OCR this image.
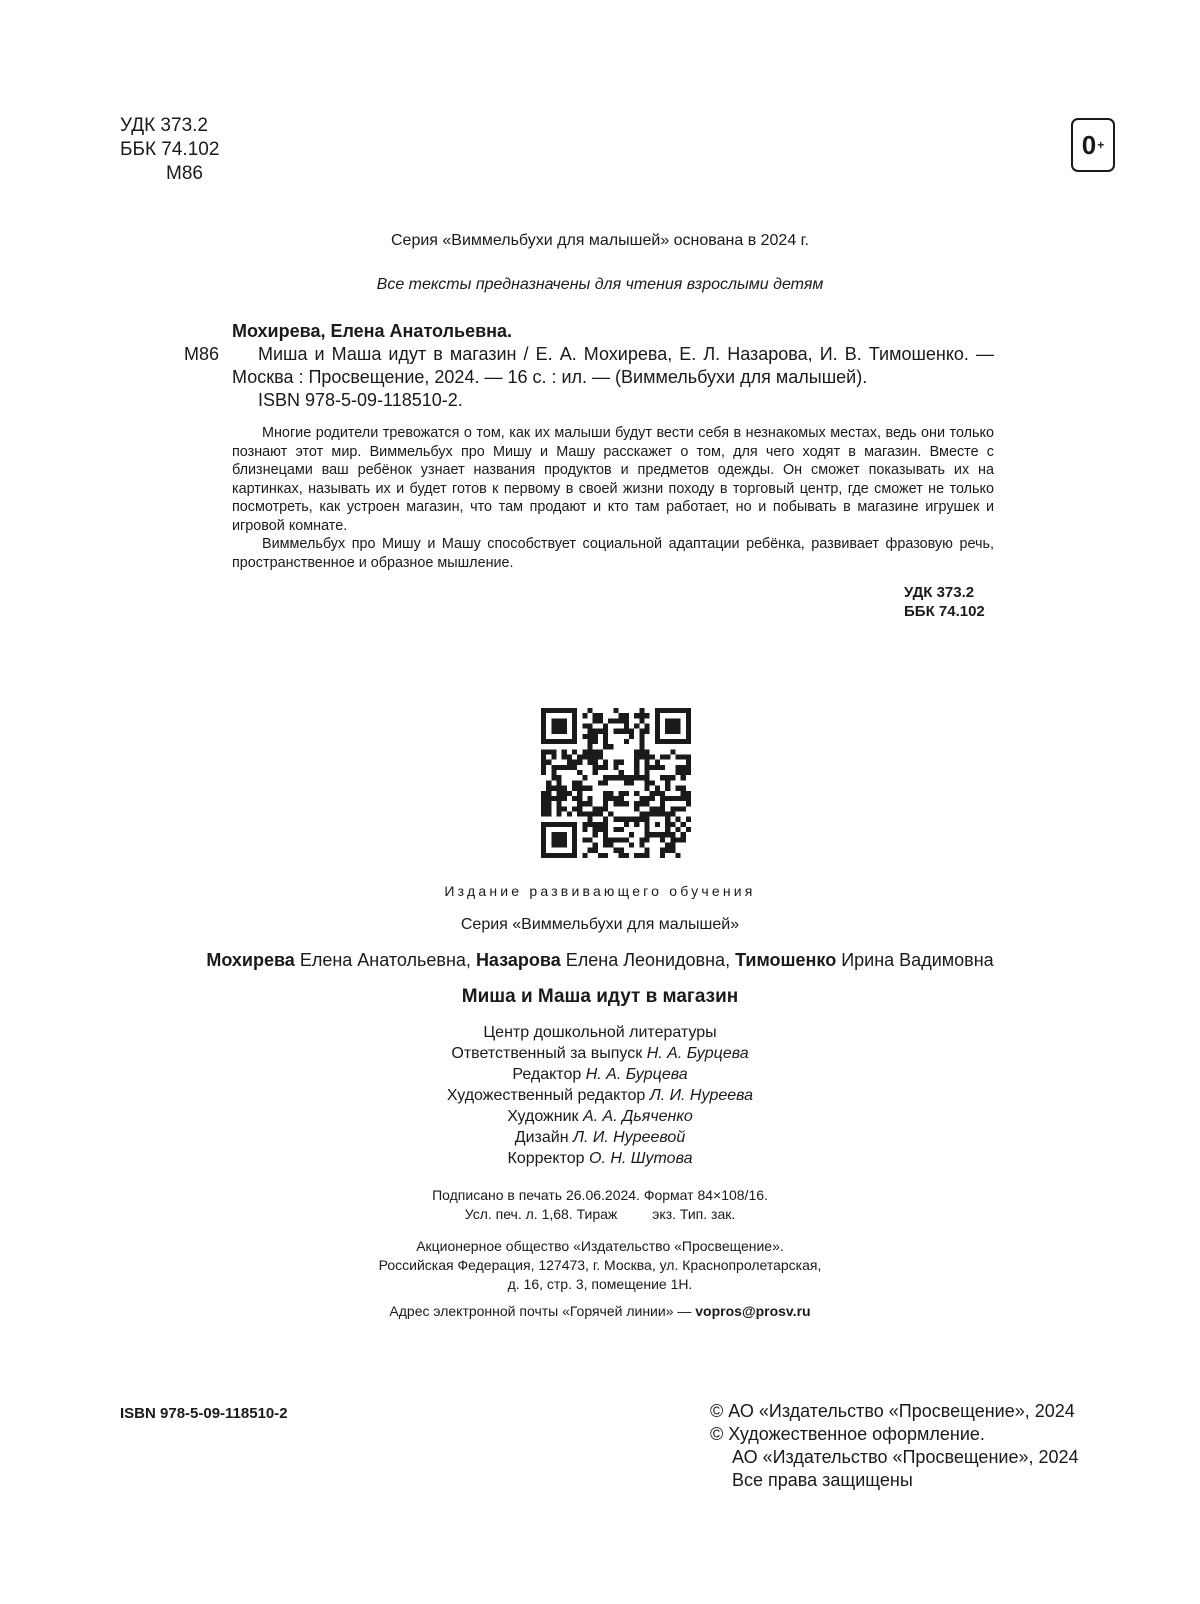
УДК 373.2
ББК 74.102
М86
0 +
Серия «Виммельбухи для малышей» основана в 2024 г.
Все тексты предназначены для чтения взрослыми детям
Мохирева, Елена Анатольевна.
М86	Миша и Маша идут в магазин / Е. А. Мохирева, Е. Л. Назарова, И. В. Тимошенко. — Москва : Просвещение, 2024. — 16 с. : ил. — (Виммельбухи для малышей).
ISBN 978-5-09-118510-2.

Многие родители тревожатся о том, как их малыши будут вести себя в незнакомых местах, ведь они только познают этот мир. Виммельбух про Мишу и Машу расскажет о том, для чего ходят в магазин. Вместе с близнецами ваш ребёнок узнает названия продуктов и предметов одежды. Он сможет показывать их на картинках, называть их и будет готов к первому в своей жизни походу в торговый центр, где сможет не только посмотреть, как устроен магазин, что там продают и кто там работает, но и побывать в магазине игрушек и игровой комнате.

Виммельбух про Мишу и Машу способствует социальной адаптации ребёнка, развивает фразовую речь, пространственное и образное мышление.

УДК 373.2
ББК 74.102
Издание развивающего обучения
Серия «Виммельбухи для малышей»
Мохирева Елена Анатольевна, Назарова Елена Леонидовна, Тимошенко Ирина Вадимовна
Миша и Маша идут в магазин
Центр дошкольной литературы
Ответственный за выпуск Н. А. Бурцева
Редактор Н. А. Бурцева
Художественный редактор Л. И. Нуреева
Художник А. А. Дьяченко
Дизайн Л. И. Нуреевой
Корректор О. Н. Шутова
Подписано в печать 26.06.2024. Формат 84×108/16.
Усл. печ. л. 1,68. Тираж         экз. Тип. зак.
Акционерное общество «Издательство «Просвещение».
Российская Федерация, 127473, г. Москва, ул. Краснопролетарская,
д. 16, стр. 3, помещение 1Н.
Адрес электронной почты «Горячей линии» — vopros@prosv.ru
ISBN 978-5-09-118510-2	© АО «Издательство «Просвещение», 2024
© Художественное оформление.
АО «Издательство «Просвещение», 2024
Все права защищены
